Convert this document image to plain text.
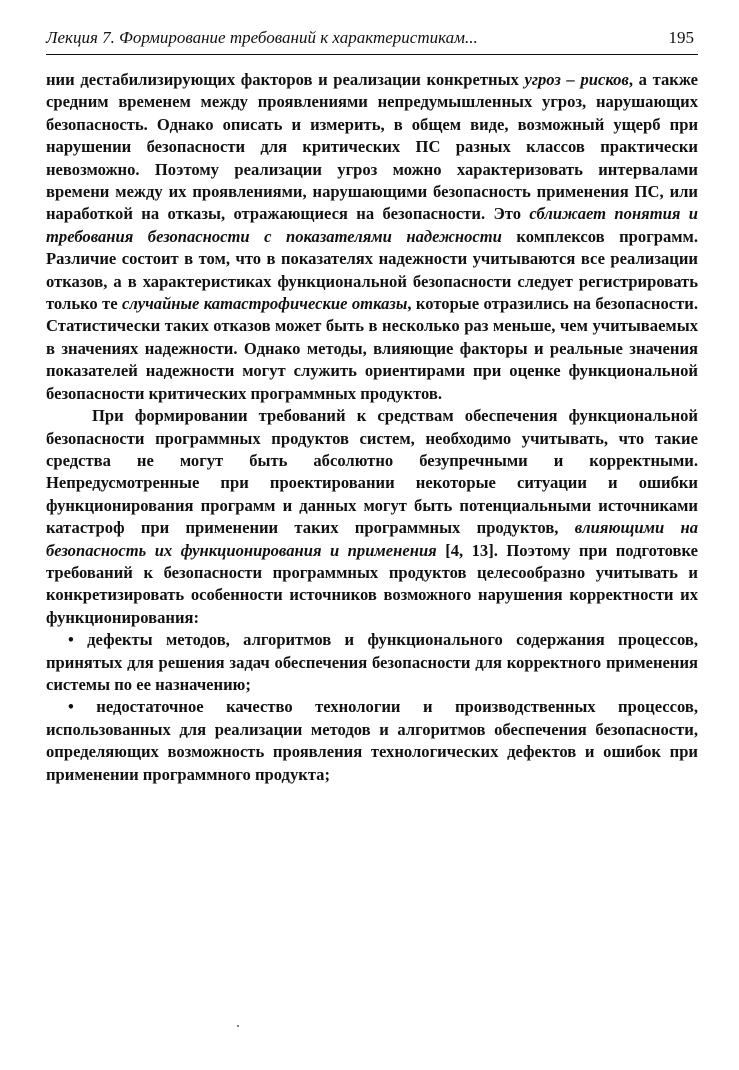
Лекция 7. Формирование требований к характеристикам...	195

нии дестабилизирующих факторов и реализации конкретных угроз – рисков, а также средним временем между проявлениями непредумышленных угроз, нарушающих безопасность. Однако описать и измерить, в общем виде, возможный ущерб при нарушении безопасности для критических ПС разных классов практически невозможно. Поэтому реализации угроз можно характеризовать интервалами времени между их проявлениями, нарушающими безопасность применения ПС, или наработкой на отказы, отражающиеся на безопасности. Это сближает понятия и требования безопасности с показателями надежности комплексов программ. Различие состоит в том, что в показателях надежности учитываются все реализации отказов, а в характеристиках функциональной безопасности следует регистрировать только те случайные катастрофические отказы, которые отразились на безопасности. Статистически таких отказов может быть в несколько раз меньше, чем учитываемых в значениях надежности. Однако методы, влияющие факторы и реальные значения показателей надежности могут служить ориентирами при оценке функциональной безопасности критических программных продуктов.

При формировании требований к средствам обеспечения функциональной безопасности программных продуктов систем, необходимо учитывать, что такие средства не могут быть абсолютно безупречными и корректными. Непредусмотренные при проектировании некоторые ситуации и ошибки функционирования программ и данных могут быть потенциальными источниками катастроф при применении таких программных продуктов, влияющими на безопасность их функционирования и применения [4, 13]. Поэтому при подготовке требований к безопасности программных продуктов целесообразно учитывать и конкретизировать особенности источников возможного нарушения корректности их функционирования:

• дефекты методов, алгоритмов и функционального содержания процессов, принятых для решения задач обеспечения безопасности для корректного применения системы по ее назначению;

• недостаточное качество технологии и производственных процессов, использованных для реализации методов и алгоритмов обеспечения безопасности, определяющих возможность проявления технологических дефектов и ошибок при применении программного продукта;
